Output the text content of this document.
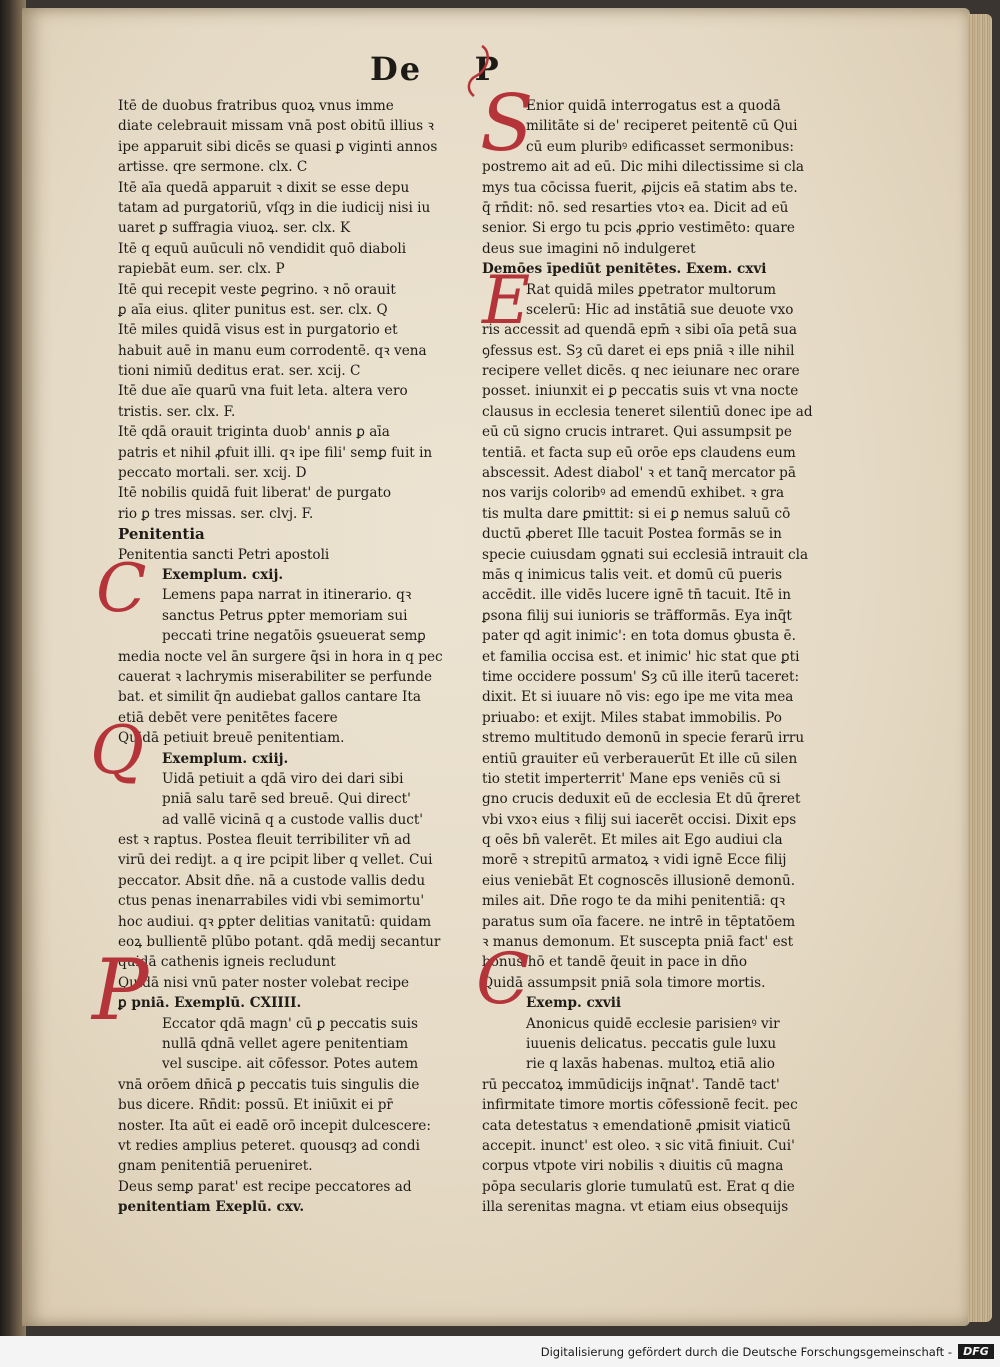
De    P
Itē de duobus fratribus quoꝝ vnus imme
diate celebrauit missam vnā post obitū illius ꝛ
ipe apparuit sibi dicēs se quasi ꝑ viginti annos
artisse. qre sermone. clx. C
Itē aīa quedā apparuit ꝛ dixit se esse depu
tatam ad purgatoriū, vſqȝ in die iudicij nisi iu
uaret ꝑ suffragia viuoꝝ. ser. clx. K
Itē q equū auūculi nō vendidit quō diaboli
rapiebāt eum. ser. clx. P
Itē qui recepit veste ꝑegrino. ꝛ nō orauit
ꝑ aīa eius. qliter punitus est. ser. clx. Q
Itē miles quidā visus est in purgatorio et
habuit auē in manu eum corrodentē. qꝛ vena
tioni nimiū deditus erat. ser. xcij. C
Itē due aīe quarū vna fuit leta. altera vero
tristis. ser. clx. F.
Itē qdā orauit triginta duob' annis ꝑ aīa
patris et nihil ꝓfuit illi. qꝛ ipe fili' semꝑ fuit in
peccato mortali. ser. xcij. D
Itē nobilis quidā fuit liberat' de purgato
rio ꝑ tres missas. ser. clvj. F.
Penitentia
Penitentia sancti Petri apostoli
Exemplum. cxij.
Lemens papa narrat in itinerario. qꝛ
sanctus Petrus ꝑpter memoriam sui
peccati trine negatōis ꝯsueuerat semꝑ
media nocte vel ān surgere q̄si in hora in q pec
cauerat ꝛ lachrymis miserabiliter se perfunde
bat. et similit q̄n audiebat gallos cantare Ita
etiā debēt vere penitētes facere
Quidā petiuit breuē penitentiam.
Exemplum. cxiij.
Uidā petiuit a qdā viro dei dari sibi
pniā salu tarē sed breuē. Qui direct'
ad vallē vicinā q a custode vallis duct'
est ꝛ raptus. Postea fleuit terribiliter vn̄ ad
virū dei rediȷt. a q ire pcipit liber q vellet. Cui
peccator. Absit dn̄e. nā a custode vallis dedu
ctus penas inenarrabiles vidi vbi semimortu'
hoc audiui. qꝛ ꝑpter delitias vanitatū: quidam
eoꝝ bullientē plūbo potant. qdā medij secantur
quidā cathenis igneis recludunt
Quidā nisi vnū pater noster volebat recipe
ꝑ pniā. Exemplū. CXIIII.
Eccator qdā magn' cū ꝑ peccatis suis
nullā qdnā vellet agere penitentiam
vel suscipe. ait cōfessor. Potes autem
vnā orōem dn̄icā ꝑ peccatis tuis singulis die
bus dicere. Rn̄dit: possū. Et iniūxit ei pr̄
noster. Ita aūt ei eadē orō incepit dulcescere:
vt redies amplius peteret. quousqȝ ad condi
gnam penitentiā perueniret.
Deus semꝑ parat' est recipe peccatores ad
penitentiam Exeplū. cxv.
Enior quidā interrogatus est a quodā
militāte si de' reciperet peitentē cū Qui
cū eum pluribꝰ edificasset sermonibus:
postremo ait ad eū. Dic mihi dilectissime si cla
mys tua cōcissa fuerit, ꝓijcis eā statim abs te.
q̄ rn̄dit: nō. sed resarties vtoꝛ ea. Dicit ad eū
senior. Si ergo tu pcis ꝓprio vestimēto: quare
deus sue imagini nō indulgeret
Demōes īpediūt penitētes. Exem. cxvi
Rat quidā miles ꝑpetrator multorum
scelerū: Hic ad instātiā sue deuote vxo
ris accessit ad quendā epm̄ ꝛ sibi oīa petā sua
ꝯfessus est. Sȝ cū daret ei eps pniā ꝛ ille nihil
recipere vellet dicēs. q nec ieiunare nec orare
posset. iniunxit ei ꝑ peccatis suis vt vna nocte
clausus in ecclesia teneret silentiū donec ipe ad
eū cū signo crucis intraret. Qui assumpsit pe
tentiā. et facta sup eū orōe eps claudens eum
abscessit. Adest diabol' ꝛ et tanq̄ mercator pā
nos varijs coloribꝰ ad emendū exhibet. ꝛ gra
tis multa dare ꝑmittit: si ei ꝑ nemus saluū cō
ductū ꝓberet Ille tacuit Postea formās se in
specie cuiusdam ꝯgnati sui ecclesiā intrauit cla
mās q inimicus talis veit. et domū cū pueris
accēdit. ille vidēs lucere ignē tn̄ tacuit. Itē in
ꝑsona filij sui iunioris se trāfformās. Eya inq̄t
pater qd agit inimic': en tota domus ꝯbusta ē.
et familia occisa est. et inimic' hic stat que ꝑti
time occidere possum' Sȝ cū ille iterū taceret:
dixit. Et si iuuare nō vis: ego ipe me vita mea
priuabo: et exijt. Miles stabat immobilis. Po
stremo multitudo demonū in specie ferarū irru
entiū grauiter eū verberauerūt Et ille cū silen
tio stetit imperterrit' Mane eps veniēs cū si
gno crucis deduxit eū de ecclesia Et dū q̄reret
vbi vxoꝛ eius ꝛ filij sui iacerēt occisi. Dixit eps
q oēs bn̄ valerēt. Et miles ait Ego audiui cla
morē ꝛ strepitū armatoꝝ ꝛ vidi ignē Ecce filij
eius veniebāt Et cognoscēs illusionē demonū.
miles ait. Dn̄e rogo te da mihi penitentiā: qꝛ
paratus sum oīa facere. ne intrē in tēptatōem
ꝛ manus demonum. Et suscepta pniā fact' est
bonus hō et tandē q̄euit in pace in dn̄o
Quidā assumpsit pniā sola timore mortis.
Exemp. cxvii
Anonicus quidē ecclesie parisienꝰ vir
iuuenis delicatus. peccatis gule luxu
rie q laxās habenas. multoꝝ etiā alio
rū peccatoꝝ immūdicijs inq̄nat'. Tandē tact'
infirmitate timore mortis cōfessionē fecit. pec
cata detestatus ꝛ emendationē ꝓmisit viaticū
accepit. inunct' est oleo. ꝛ sic vitā finiuit. Cui'
corpus vtpote viri nobilis ꝛ diuitis cū magna
pōpa secularis glorie tumulatū est. Erat q die
illa serenitas magna. vt etiam eius obsequijs
S
E
C
Q
P	C
Digitalisierung gefördert durch die Deutsche Forschungsgemeinschaft -	DFG
